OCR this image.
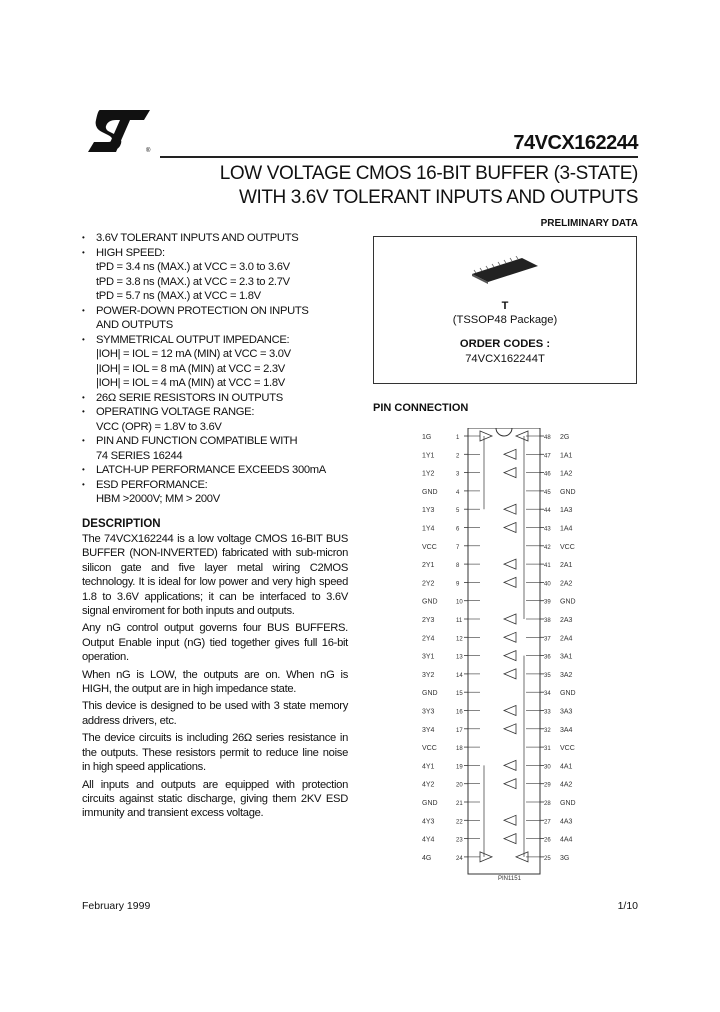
®	74VCX162244
LOW VOLTAGE CMOS 16-BIT BUFFER (3-STATE)
WITH 3.6V TOLERANT INPUTS AND OUTPUTS
PRELIMINARY DATA
• 3.6V TOLERANT INPUTS AND OUTPUTS
• HIGH SPEED:
tPD = 3.4 ns (MAX.) at VCC = 3.0 to 3.6V
tPD = 3.8 ns (MAX.) at VCC = 2.3 to 2.7V
tPD = 5.7 ns (MAX.) at VCC = 1.8V
• POWER-DOWN PROTECTION ON INPUTS
AND OUTPUTS
• SYMMETRICAL OUTPUT IMPEDANCE:
|IOH| = IOL = 12 mA (MIN) at VCC = 3.0V
|IOH| = IOL = 8 mA (MIN) at VCC = 2.3V
|IOH| = IOL = 4 mA (MIN) at VCC = 1.8V
• 26Ω SERIE RESISTORS IN OUTPUTS
• OPERATING VOLTAGE RANGE:
VCC (OPR) = 1.8V to 3.6V
• PIN AND FUNCTION COMPATIBLE WITH
74 SERIES 16244
• LATCH-UP PERFORMANCE EXCEEDS 300mA
• ESD PERFORMANCE:
HBM >2000V; MM > 200V
DESCRIPTION

The 74VCX162244 is a low voltage CMOS 16-BIT BUS BUFFER (NON-INVERTED) fabricated with sub-micron silicon gate and five layer metal wiring C2MOS technology. It is ideal for low power and very high speed 1.8 to 3.6V applications; it can be interfaced to 3.6V signal enviroment for both inputs and outputs.

Any nG control output governs four BUS BUFFERS. Output Enable input (nG) tied together gives full 16-bit operation.

When nG is LOW, the outputs are on. When nG is HIGH, the output are in high impedance state.

This device is designed to be used with 3 state memory address drivers, etc.

The device circuits is including 26Ω series resistance in the outputs. These resistors permit to reduce line noise in high speed applications.

All inputs and outputs are equipped with protection circuits against static discharge, giving them 2KV ESD immunity and transient excess voltage.

T
(TSSOP48 Package)
ORDER CODES :
74VCX162244T
PIN CONNECTION
1G	1
1Y1	2
1Y2	3
GND	4
1Y3	5
1Y4	6
VCC	7
2Y1	8
2Y2	9
GND	10
2Y3	11
2Y4	12
3Y1	13
3Y2	14
GND	15
3Y3	16
3Y4	17
VCC	18
4Y1	19
4Y2	20
GND	21
4Y3	22
4Y4	23
4G	24
48 2G
47 1A1
46 1A2
45 GND
44 1A3
43 1A4
42 VCC
41 2A1
40 2A2
39 GND
38 2A3
37 2A4
36 3A1
35 3A2
34 GND
33 3A3
32 3A4
31 VCC
30 4A1
29 4A2
28 GND
27 4A3
26 4A4
25 3G
PIN1151
February 1999	1/10
